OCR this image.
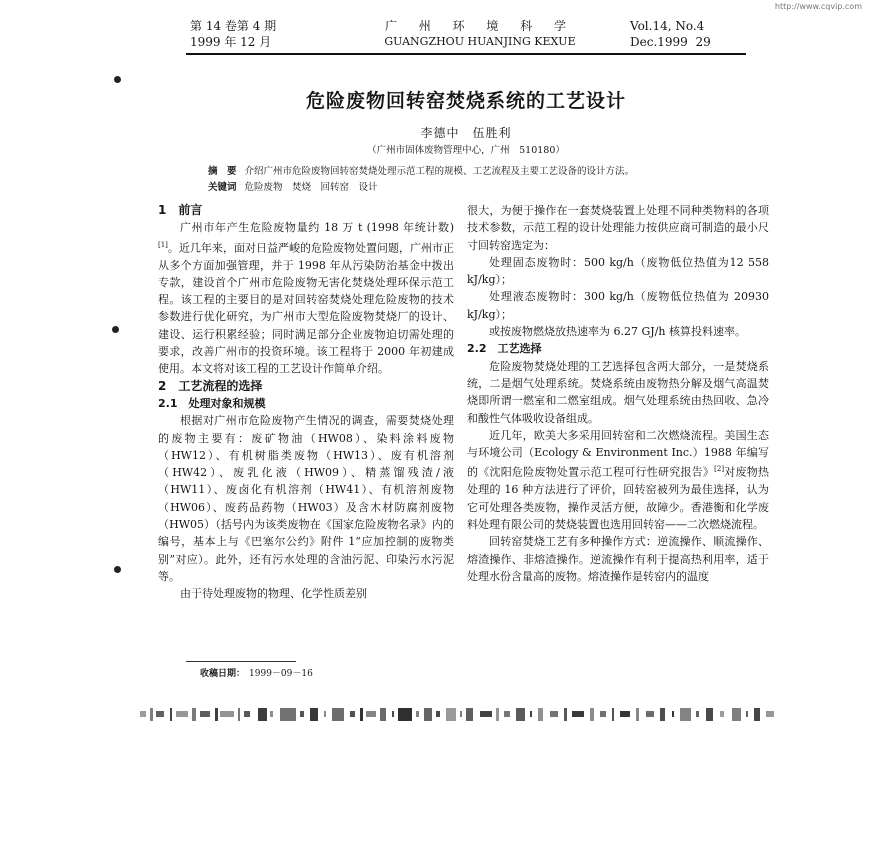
http://www.cqvip.com
第 14 卷第 4 期
1999 年 12 月
广 州 环 境 科 学
GUANGZHOU HUANJING KEXUE
Vol.14, No.4
Dec.1999 29
危险废物回转窑焚烧系统的工艺设计
李德中　伍胜利
（广州市固体废物管理中心，广州　510180）
摘　要 介绍广州市危险废物回转窑焚烧处理示范工程的规模、工艺流程及主要工艺设备的设计方法。
关键词 危险废物　焚烧　回转窑　设计

1　前言

广州市年产生危险废物量约 18 万 t (1998 年统计数)[1]。近几年来，面对日益严峻的危险废物处置问题，广州市正从多个方面加强管理，并于 1998 年从污染防治基金中拨出专款，建设首个广州市危险废物无害化焚烧处理环保示范工程。该工程的主要目的是对回转窑焚烧处理危险废物的技术参数进行优化研究，为广州市大型危险废物焚烧厂的设计、建设、运行积累经验；同时满足部分企业废物迫切需处理的要求，改善广州市的投资环境。该工程将于 2000 年初建成使用。本文将对该工程的工艺设计作简单介绍。

2　工艺流程的选择

2.1　处理对象和规模

根据对广州市危险废物产生情况的调查，需要焚烧处理的废物主要有：废矿物油（HW08）、染料涂料废物（HW12）、有机树脂类废物（HW13）、废有机溶剂（HW42）、废乳化液（HW09）、精蒸馏残渣/液（HW11）、废卤化有机溶剂（HW41）、有机溶剂废物（HW06）、废药品药物（HW03）及含木材防腐剂废物（HW05）（括号内为该类废物在《国家危险废物名录》内的编号，基本上与《巴塞尔公约》附件 1“应加控制的废物类别”对应）。此外，还有污水处理的含油污泥、印染污水污泥等。

由于待处理废物的物理、化学性质差别

很大，为便于操作在一套焚烧装置上处理不同种类物料的各项技术参数，示范工程的设计处理能力按供应商可制造的最小尺寸回转窑选定为：

处理固态废物时：500 kg/h（废物低位热值为12 558 kJ/kg）；

处理液态废物时：300 kg/h（废物低位热值为 20930 kJ/kg）；

或按废物燃烧放热速率为 6.27 GJ/h 核算投料速率。

2.2　工艺选择

危险废物焚烧处理的工艺选择包含两大部分，一是焚烧系统，二是烟气处理系统。焚烧系统由废物热分解及烟气高温焚烧即所谓一燃室和二燃室组成。烟气处理系统由热回收、急冷和酸性气体吸收设备组成。

近几年，欧美大多采用回转窑和二次燃烧流程。美国生态与环境公司（Ecology & Environment Inc.）1988 年编写的《沈阳危险废物处置示范工程可行性研究报告》[2]对废物热处理的 16 种方法进行了评价，回转窑被列为最佳选择，认为它可处理各类废物，操作灵活方便，故障少。香港衡和化学废料处理有限公司的焚烧装置也选用回转窑——二次燃烧流程。

回转窑焚烧工艺有多种操作方式：逆流操作、顺流操作、熔渣操作、非熔渣操作。逆流操作有利于提高热利用率，适于处理水份含量高的废物。熔渣操作是转窑内的温度

收稿日期： 1999－09－16
